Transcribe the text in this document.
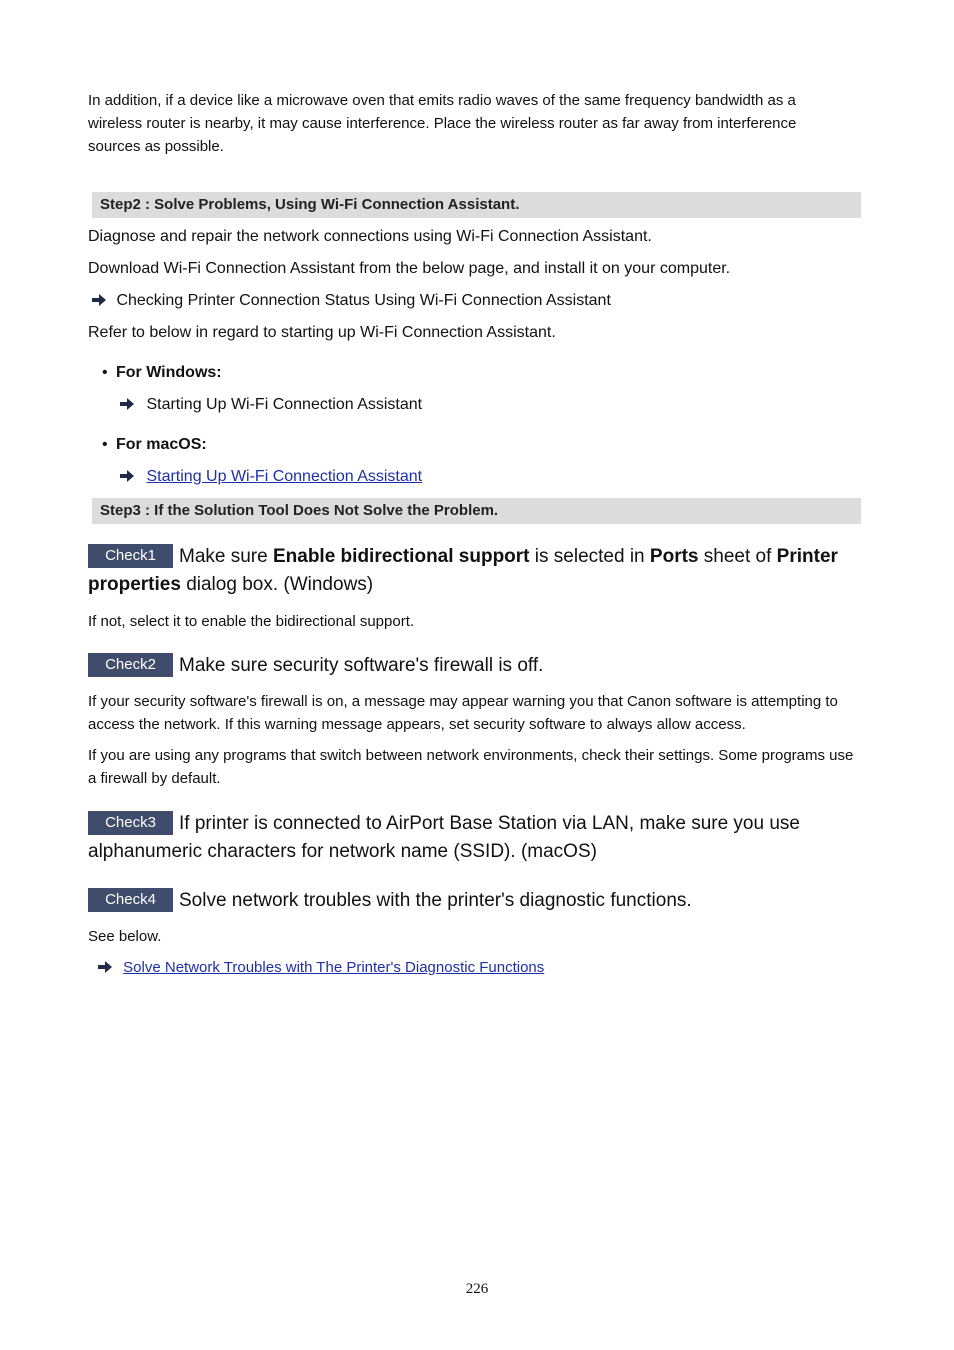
In addition, if a device like a microwave oven that emits radio waves of the same frequency bandwidth as a wireless router is nearby, it may cause interference. Place the wireless router as far away from interference sources as possible.
Step2 : Solve Problems, Using Wi-Fi Connection Assistant.
Diagnose and repair the network connections using Wi-Fi Connection Assistant.
Download Wi-Fi Connection Assistant from the below page, and install it on your computer.
Checking Printer Connection Status Using Wi-Fi Connection Assistant
Refer to below in regard to starting up Wi-Fi Connection Assistant.
• For Windows:
Starting Up Wi-Fi Connection Assistant
• For macOS:
Starting Up Wi-Fi Connection Assistant
Step3 : If the Solution Tool Does Not Solve the Problem.
Check1 Make sure Enable bidirectional support is selected in Ports sheet of Printer properties dialog box. (Windows)
If not, select it to enable the bidirectional support.
Check2 Make sure security software's firewall is off.
If your security software's firewall is on, a message may appear warning you that Canon software is attempting to access the network. If this warning message appears, set security software to always allow access.
If you are using any programs that switch between network environments, check their settings. Some programs use a firewall by default.
Check3 If printer is connected to AirPort Base Station via LAN, make sure you use alphanumeric characters for network name (SSID). (macOS)
Check4 Solve network troubles with the printer's diagnostic functions.
See below.
Solve Network Troubles with The Printer's Diagnostic Functions
226
